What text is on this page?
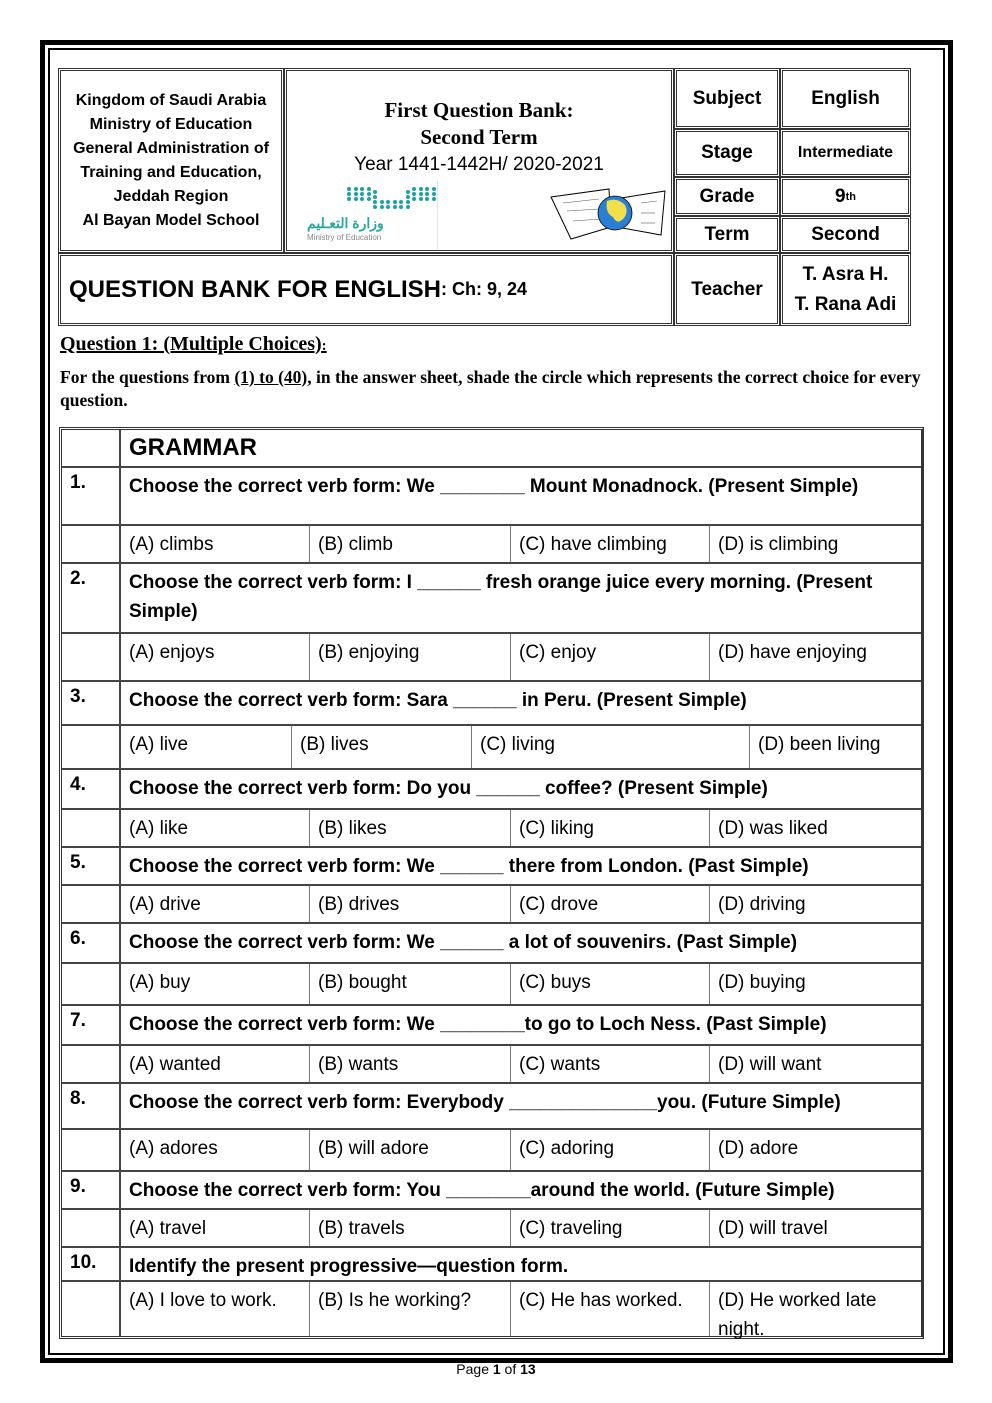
Kingdom of Saudi Arabia
Ministry of Education
General Administration of
Training and Education,
Jeddah Region
Al Bayan Model School
First Question Bank:
Second Term
Year 1441-1442H/ 2020-2021
وزارة التعـليم
Ministry of Education
QUESTION BANK FOR ENGLISH : Ch: 9, 24
Subject	English
Stage	Intermediate
Grade	9 th
Term	Second
Teacher
T. Asra H.
T. Rana Adi
Question 1: (Multiple Choices):
For the questions from (1) to (40), in the answer sheet, shade the circle which represents the correct choice for every question.
GRAMMAR
1.	Choose the correct verb form: We ________ Mount Monadnock. (Present Simple)
(A) climbs	(B) climb	(C) have climbing	(D) is climbing
2.	Choose the correct verb form: I ______ fresh orange juice every morning. (Present Simple)
(A) enjoys	(B) enjoying	(C) enjoy	(D) have enjoying
3.	Choose the correct verb form: Sara ______ in Peru. (Present Simple)
(A) live	(B) lives	(C) living	(D) been living
4.	Choose the correct verb form: Do you ______ coffee? (Present Simple)
(A) like	(B) likes	(C) liking	(D) was liked
5.	Choose the correct verb form: We ______ there from London. (Past Simple)
(A) drive	(B) drives	(C) drove	(D) driving
6.	Choose the correct verb form: We ______ a lot of souvenirs. (Past Simple)
(A) buy	(B) bought	(C) buys	(D) buying
7.	Choose the correct verb form: We ________to go to Loch Ness. (Past Simple)
(A) wanted	(B) wants	(C) wants	(D) will want
8.	Choose the correct verb form: Everybody ______________you. (Future Simple)
(A) adores	(B) will adore	(C) adoring	(D) adore
9.	Choose the correct verb form: You ________around the world. (Future Simple)
(A) travel	(B) travels	(C) traveling	(D) will travel
10.	Identify the present progressive—question form.
(A) I love to work.	(B) Is he working?	(C) He has worked.	(D) He worked late night.
Page 1 of 13
